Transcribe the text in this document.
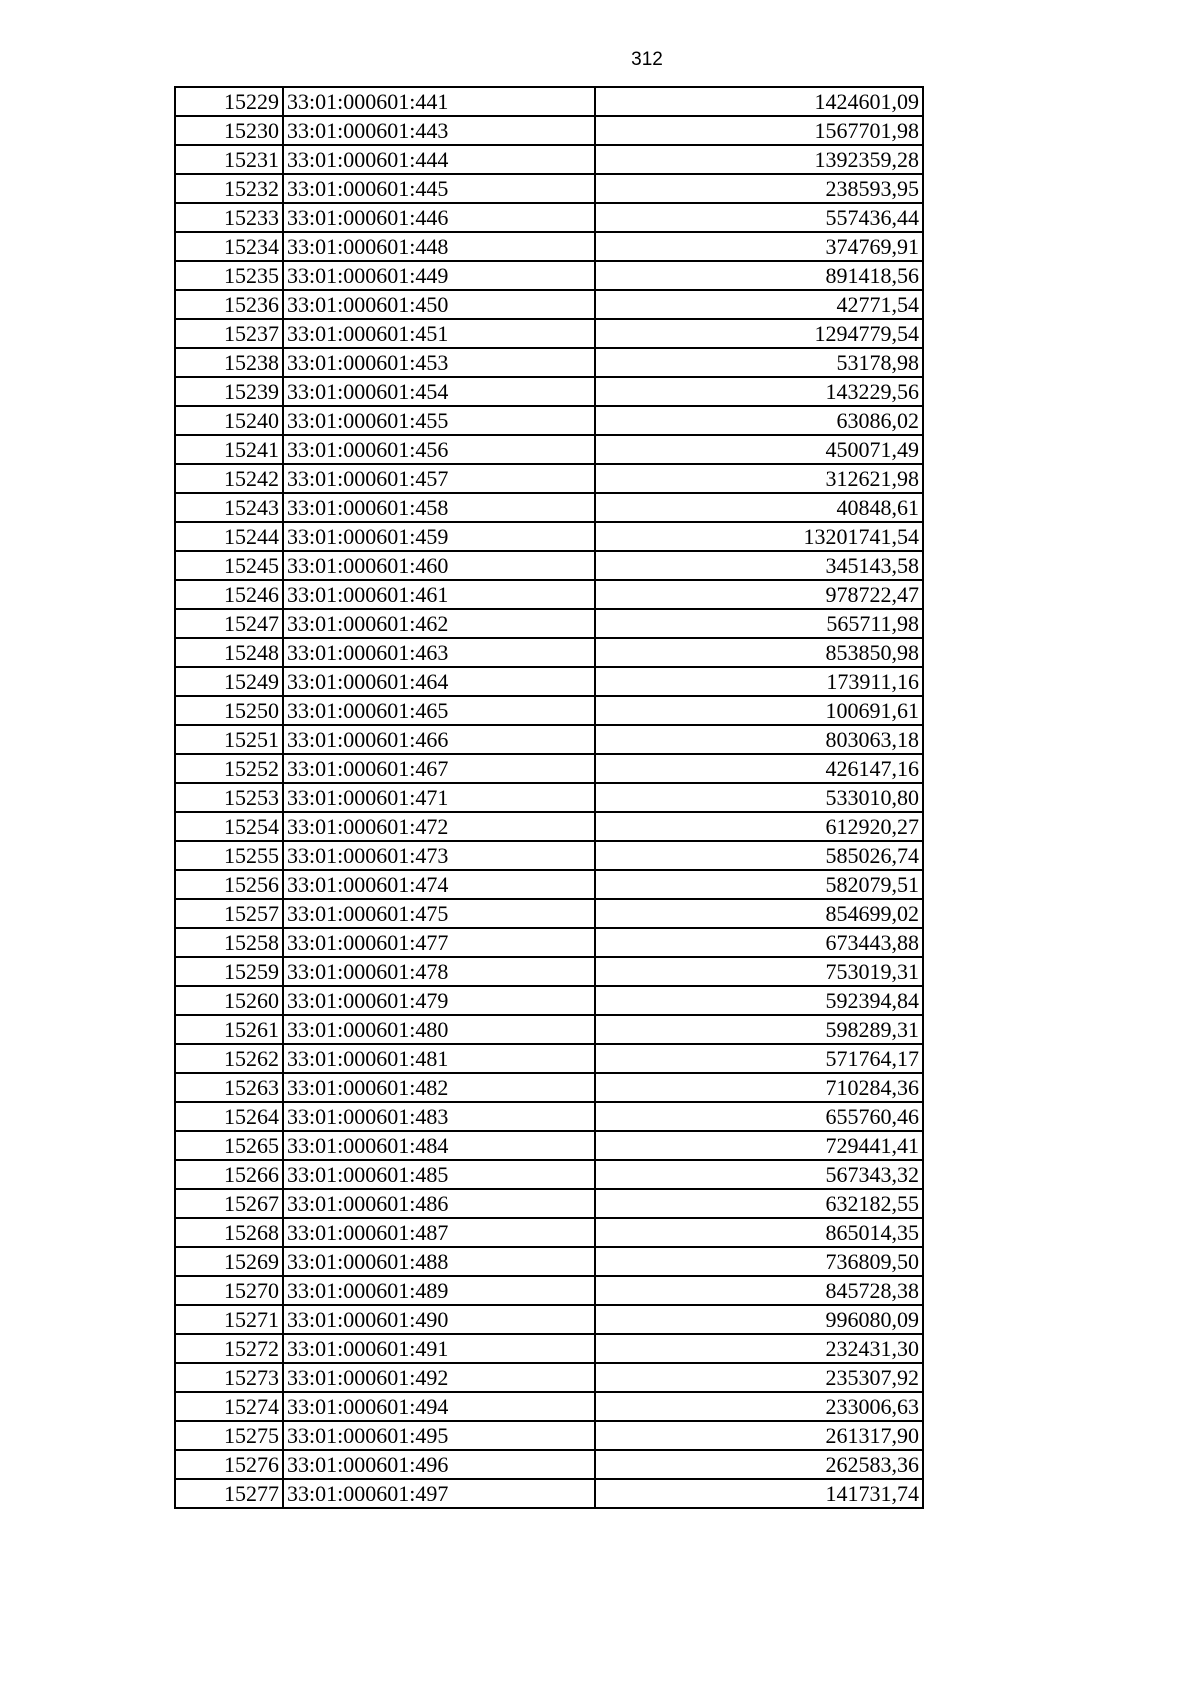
312
15229	33:01:000601:441	1424601,09
15230	33:01:000601:443	1567701,98
15231	33:01:000601:444	1392359,28
15232	33:01:000601:445	238593,95
15233	33:01:000601:446	557436,44
15234	33:01:000601:448	374769,91
15235	33:01:000601:449	891418,56
15236	33:01:000601:450	42771,54
15237	33:01:000601:451	1294779,54
15238	33:01:000601:453	53178,98
15239	33:01:000601:454	143229,56
15240	33:01:000601:455	63086,02
15241	33:01:000601:456	450071,49
15242	33:01:000601:457	312621,98
15243	33:01:000601:458	40848,61
15244	33:01:000601:459	13201741,54
15245	33:01:000601:460	345143,58
15246	33:01:000601:461	978722,47
15247	33:01:000601:462	565711,98
15248	33:01:000601:463	853850,98
15249	33:01:000601:464	173911,16
15250	33:01:000601:465	100691,61
15251	33:01:000601:466	803063,18
15252	33:01:000601:467	426147,16
15253	33:01:000601:471	533010,80
15254	33:01:000601:472	612920,27
15255	33:01:000601:473	585026,74
15256	33:01:000601:474	582079,51
15257	33:01:000601:475	854699,02
15258	33:01:000601:477	673443,88
15259	33:01:000601:478	753019,31
15260	33:01:000601:479	592394,84
15261	33:01:000601:480	598289,31
15262	33:01:000601:481	571764,17
15263	33:01:000601:482	710284,36
15264	33:01:000601:483	655760,46
15265	33:01:000601:484	729441,41
15266	33:01:000601:485	567343,32
15267	33:01:000601:486	632182,55
15268	33:01:000601:487	865014,35
15269	33:01:000601:488	736809,50
15270	33:01:000601:489	845728,38
15271	33:01:000601:490	996080,09
15272	33:01:000601:491	232431,30
15273	33:01:000601:492	235307,92
15274	33:01:000601:494	233006,63
15275	33:01:000601:495	261317,90
15276	33:01:000601:496	262583,36
15277	33:01:000601:497	141731,74
